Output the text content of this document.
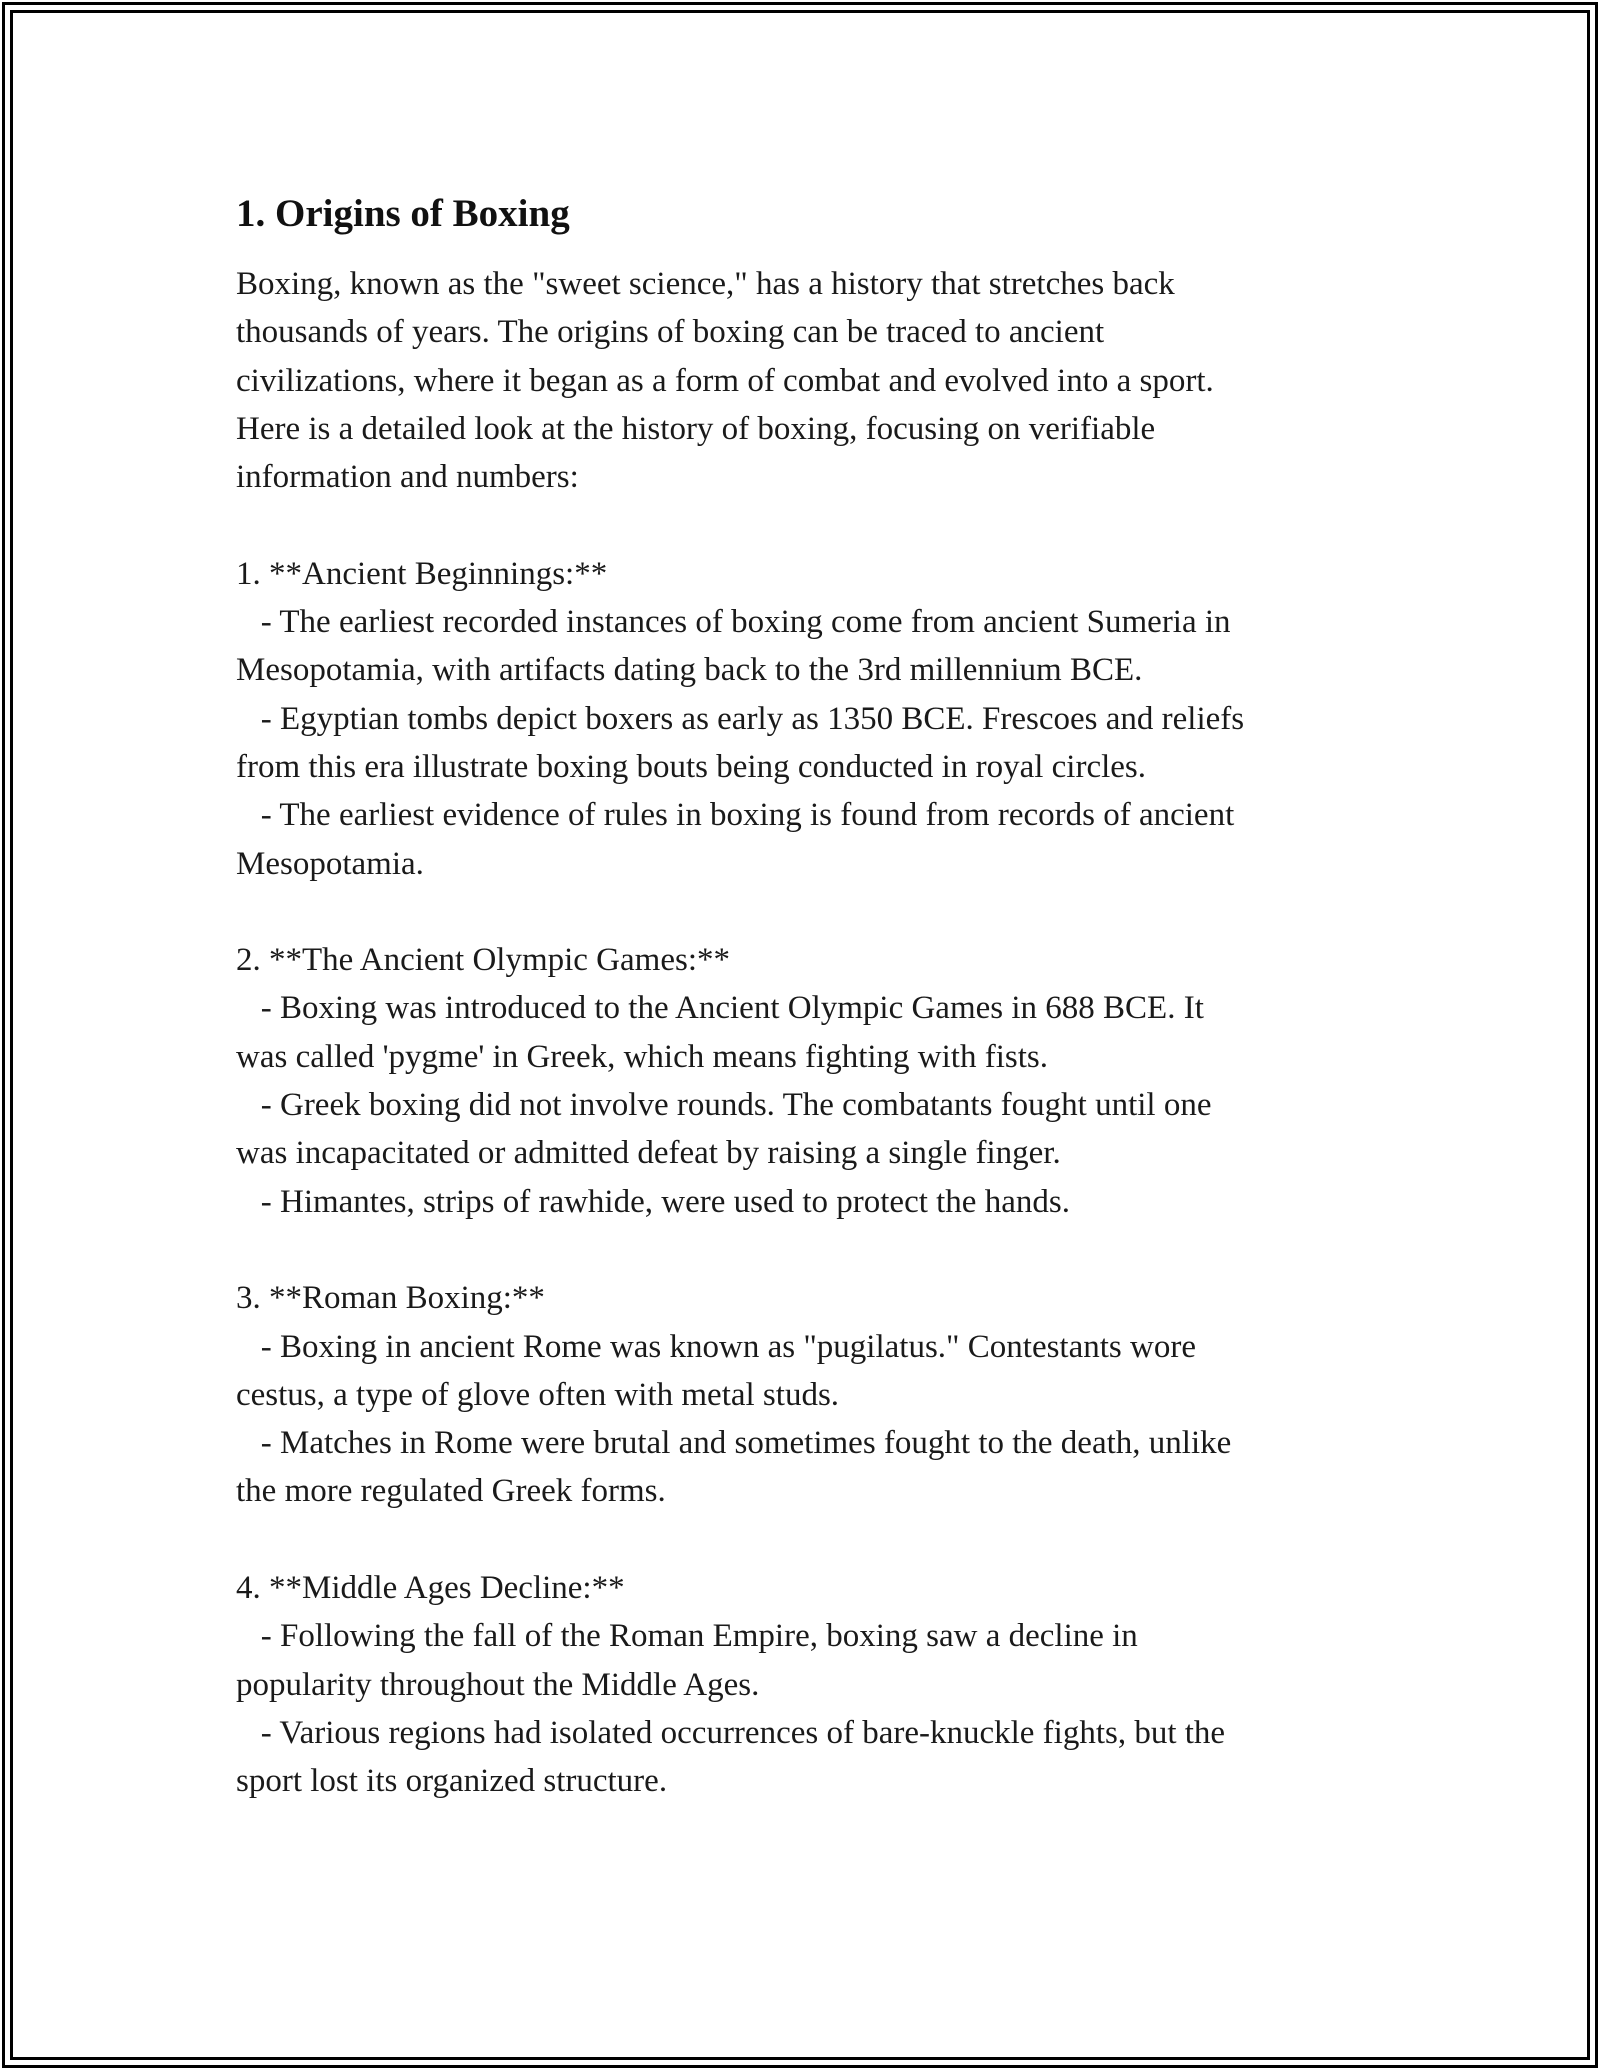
1. Origins of Boxing

Boxing, known as the "sweet science," has a history that stretches back
thousands of years. The origins of boxing can be traced to ancient
civilizations, where it began as a form of combat and evolved into a sport.
Here is a detailed look at the history of boxing, focusing on verifiable
information and numbers:

1. **Ancient Beginnings:**
- The earliest recorded instances of boxing come from ancient Sumeria in
Mesopotamia, with artifacts dating back to the 3rd millennium BCE.
- Egyptian tombs depict boxers as early as 1350 BCE. Frescoes and reliefs
from this era illustrate boxing bouts being conducted in royal circles.
- The earliest evidence of rules in boxing is found from records of ancient
Mesopotamia.

2. **The Ancient Olympic Games:**
- Boxing was introduced to the Ancient Olympic Games in 688 BCE. It
was called 'pygme' in Greek, which means fighting with fists.
- Greek boxing did not involve rounds. The combatants fought until one
was incapacitated or admitted defeat by raising a single finger.
- Himantes, strips of rawhide, were used to protect the hands.

3. **Roman Boxing:**
- Boxing in ancient Rome was known as "pugilatus." Contestants wore
cestus, a type of glove often with metal studs.
- Matches in Rome were brutal and sometimes fought to the death, unlike
the more regulated Greek forms.

4. **Middle Ages Decline:**
- Following the fall of the Roman Empire, boxing saw a decline in
popularity throughout the Middle Ages.
- Various regions had isolated occurrences of bare-knuckle fights, but the
sport lost its organized structure.
